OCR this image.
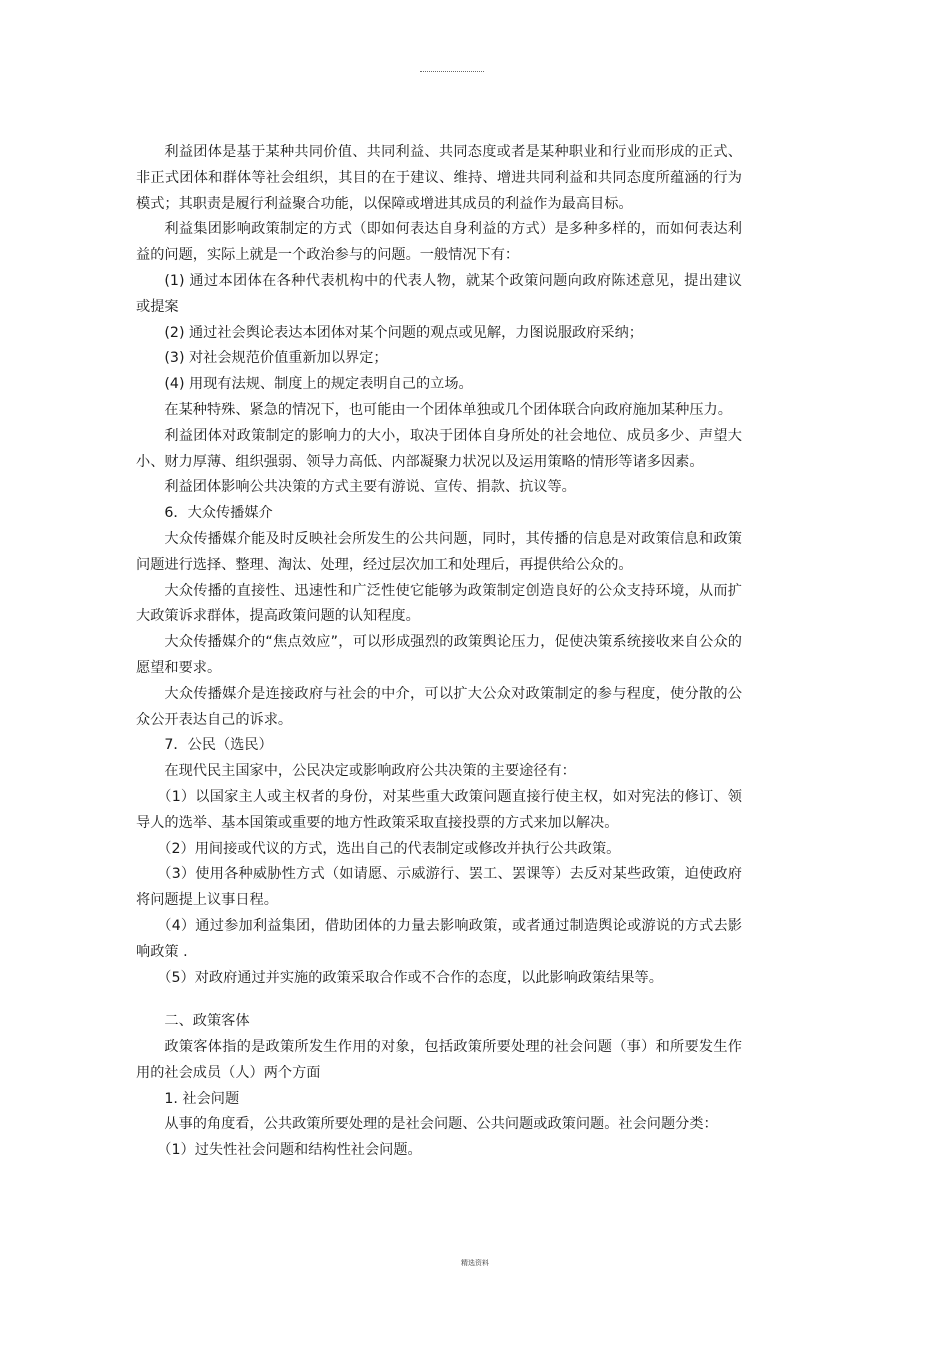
利益团体是基于某种共同价值、共同利益、共同态度或者是某种职业和行业而形成的正式、非正式团体和群体等社会组织，其目的在于建议、维持、增进共同利益和共同态度所蕴涵的行为模式；其职责是履行利益聚合功能，以保障或增进其成员的利益作为最高目标。

利益集团影响政策制定的方式（即如何表达自身利益的方式）是多种多样的，而如何表达利益的问题，实际上就是一个政治参与的问题。一般情况下有：

(1) 通过本团体在各种代表机构中的代表人物，就某个政策问题向政府陈述意见，提出建议或提案

(2) 通过社会舆论表达本团体对某个问题的观点或见解，力图说服政府采纳；

(3) 对社会规范价值重新加以界定；

(4) 用现有法规、制度上的规定表明自己的立场。

在某种特殊、紧急的情况下，也可能由一个团体单独或几个团体联合向政府施加某种压力。

利益团体对政策制定的影响力的大小，取决于团体自身所处的社会地位、成员多少、声望大小、财力厚薄、组织强弱、领导力高低、内部凝聚力状况以及运用策略的情形等诸多因素。

利益团体影响公共决策的方式主要有游说、宣传、捐款、抗议等。

6．大众传播媒介

大众传播媒介能及时反映社会所发生的公共问题，同时，其传播的信息是对政策信息和政策问题进行选择、整理、淘汰、处理，经过层次加工和处理后，再提供给公众的。

大众传播的直接性、迅速性和广泛性使它能够为政策制定创造良好的公众支持环境，从而扩大政策诉求群体，提高政策问题的认知程度。

大众传播媒介的“焦点效应”，可以形成强烈的政策舆论压力，促使决策系统接收来自公众的愿望和要求。

大众传播媒介是连接政府与社会的中介，可以扩大公众对政策制定的参与程度，使分散的公众公开表达自己的诉求。

7．公民（选民）

在现代民主国家中，公民决定或影响政府公共决策的主要途径有：

（1）以国家主人或主权者的身份，对某些重大政策问题直接行使主权，如对宪法的修订、领导人的选举、基本国策或重要的地方性政策采取直接投票的方式来加以解决。

（2）用间接或代议的方式，选出自己的代表制定或修改并执行公共政策。

（3）使用各种威胁性方式（如请愿、示威游行、罢工、罢课等）去反对某些政策，迫使政府将问题提上议事日程。

（4）通过参加利益集团，借助团体的力量去影响政策，或者通过制造舆论或游说的方式去影响政策 .

（5）对政府通过并实施的政策采取合作或不合作的态度，以此影响政策结果等。

二、政策客体

政策客体指的是政策所发生作用的对象，包括政策所要处理的社会问题（事）和所要发生作用的社会成员（人）两个方面

1. 社会问题

从事的角度看，公共政策所要处理的是社会问题、公共问题或政策问题。社会问题分类：

（1）过失性社会问题和结构性社会问题。

精选资料
